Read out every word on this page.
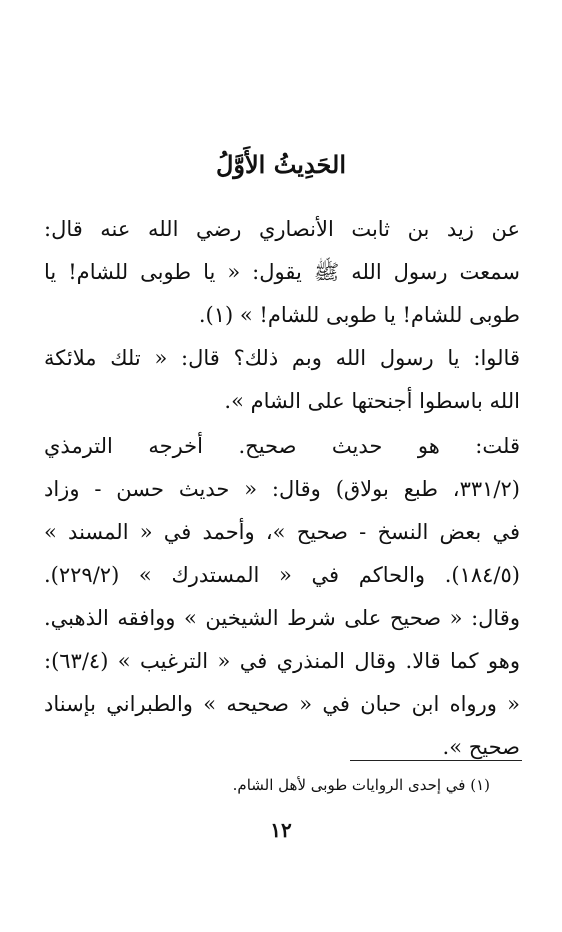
الحَدِيثُ الأَوَّلُ
عن زيد بن ثابت الأنصاري رضي الله عنه قال:
سمعت رسول الله ﷺ يقول: « يا طوبى للشام! يا
طوبى للشام! يا طوبى للشام! » (١).
قالوا: يا رسول الله وبم ذلك؟ قال: « تلك ملائكة
الله باسطوا أجنحتها على الشام ».
قلت: هو حديث صحيح. أخرجه الترمذي
(٣٣١/٢، طبع بولاق) وقال: « حديث حسن - وزاد
في بعض النسخ - صحيح »، وأحمد في « المسند »
(١٨٤/٥). والحاكم في « المستدرك » (٢٢٩/٢).
وقال: « صحيح على شرط الشيخين » ووافقه الذهبي.
وهو كما قالا. وقال المنذري في « الترغيب » (٦٣/٤):
« ورواه ابن حبان في « صحيحه » والطبراني بإسناد
صحيح ».
(١) في إحدى الروايات طوبى لأهل الشام.
١٢
